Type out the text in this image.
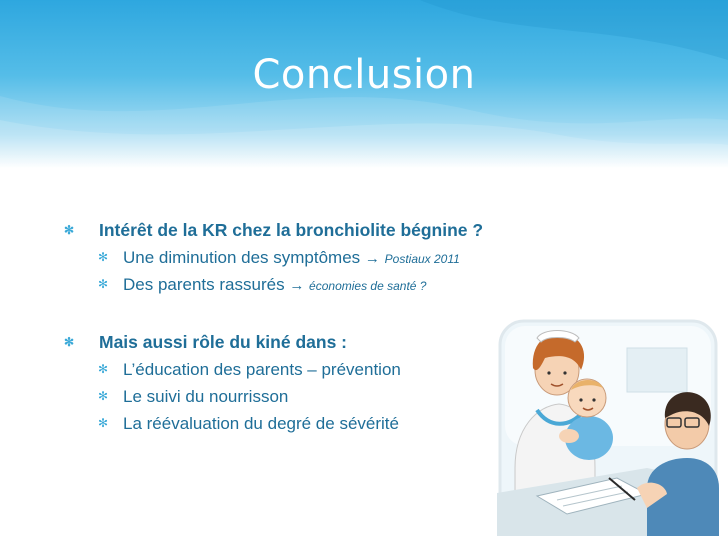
Conclusion
✻ Intérêt de la KR chez la bronchiolite bégnine ?
✻ Une diminution des symptômes → Postiaux 2011
✻ Des parents rassurés → économies de santé ?
✻ Mais aussi rôle du kiné dans :
✻ L’éducation des parents – prévention
✻ Le suivi du nourrisson
✻ La réévaluation du degré de sévérité
